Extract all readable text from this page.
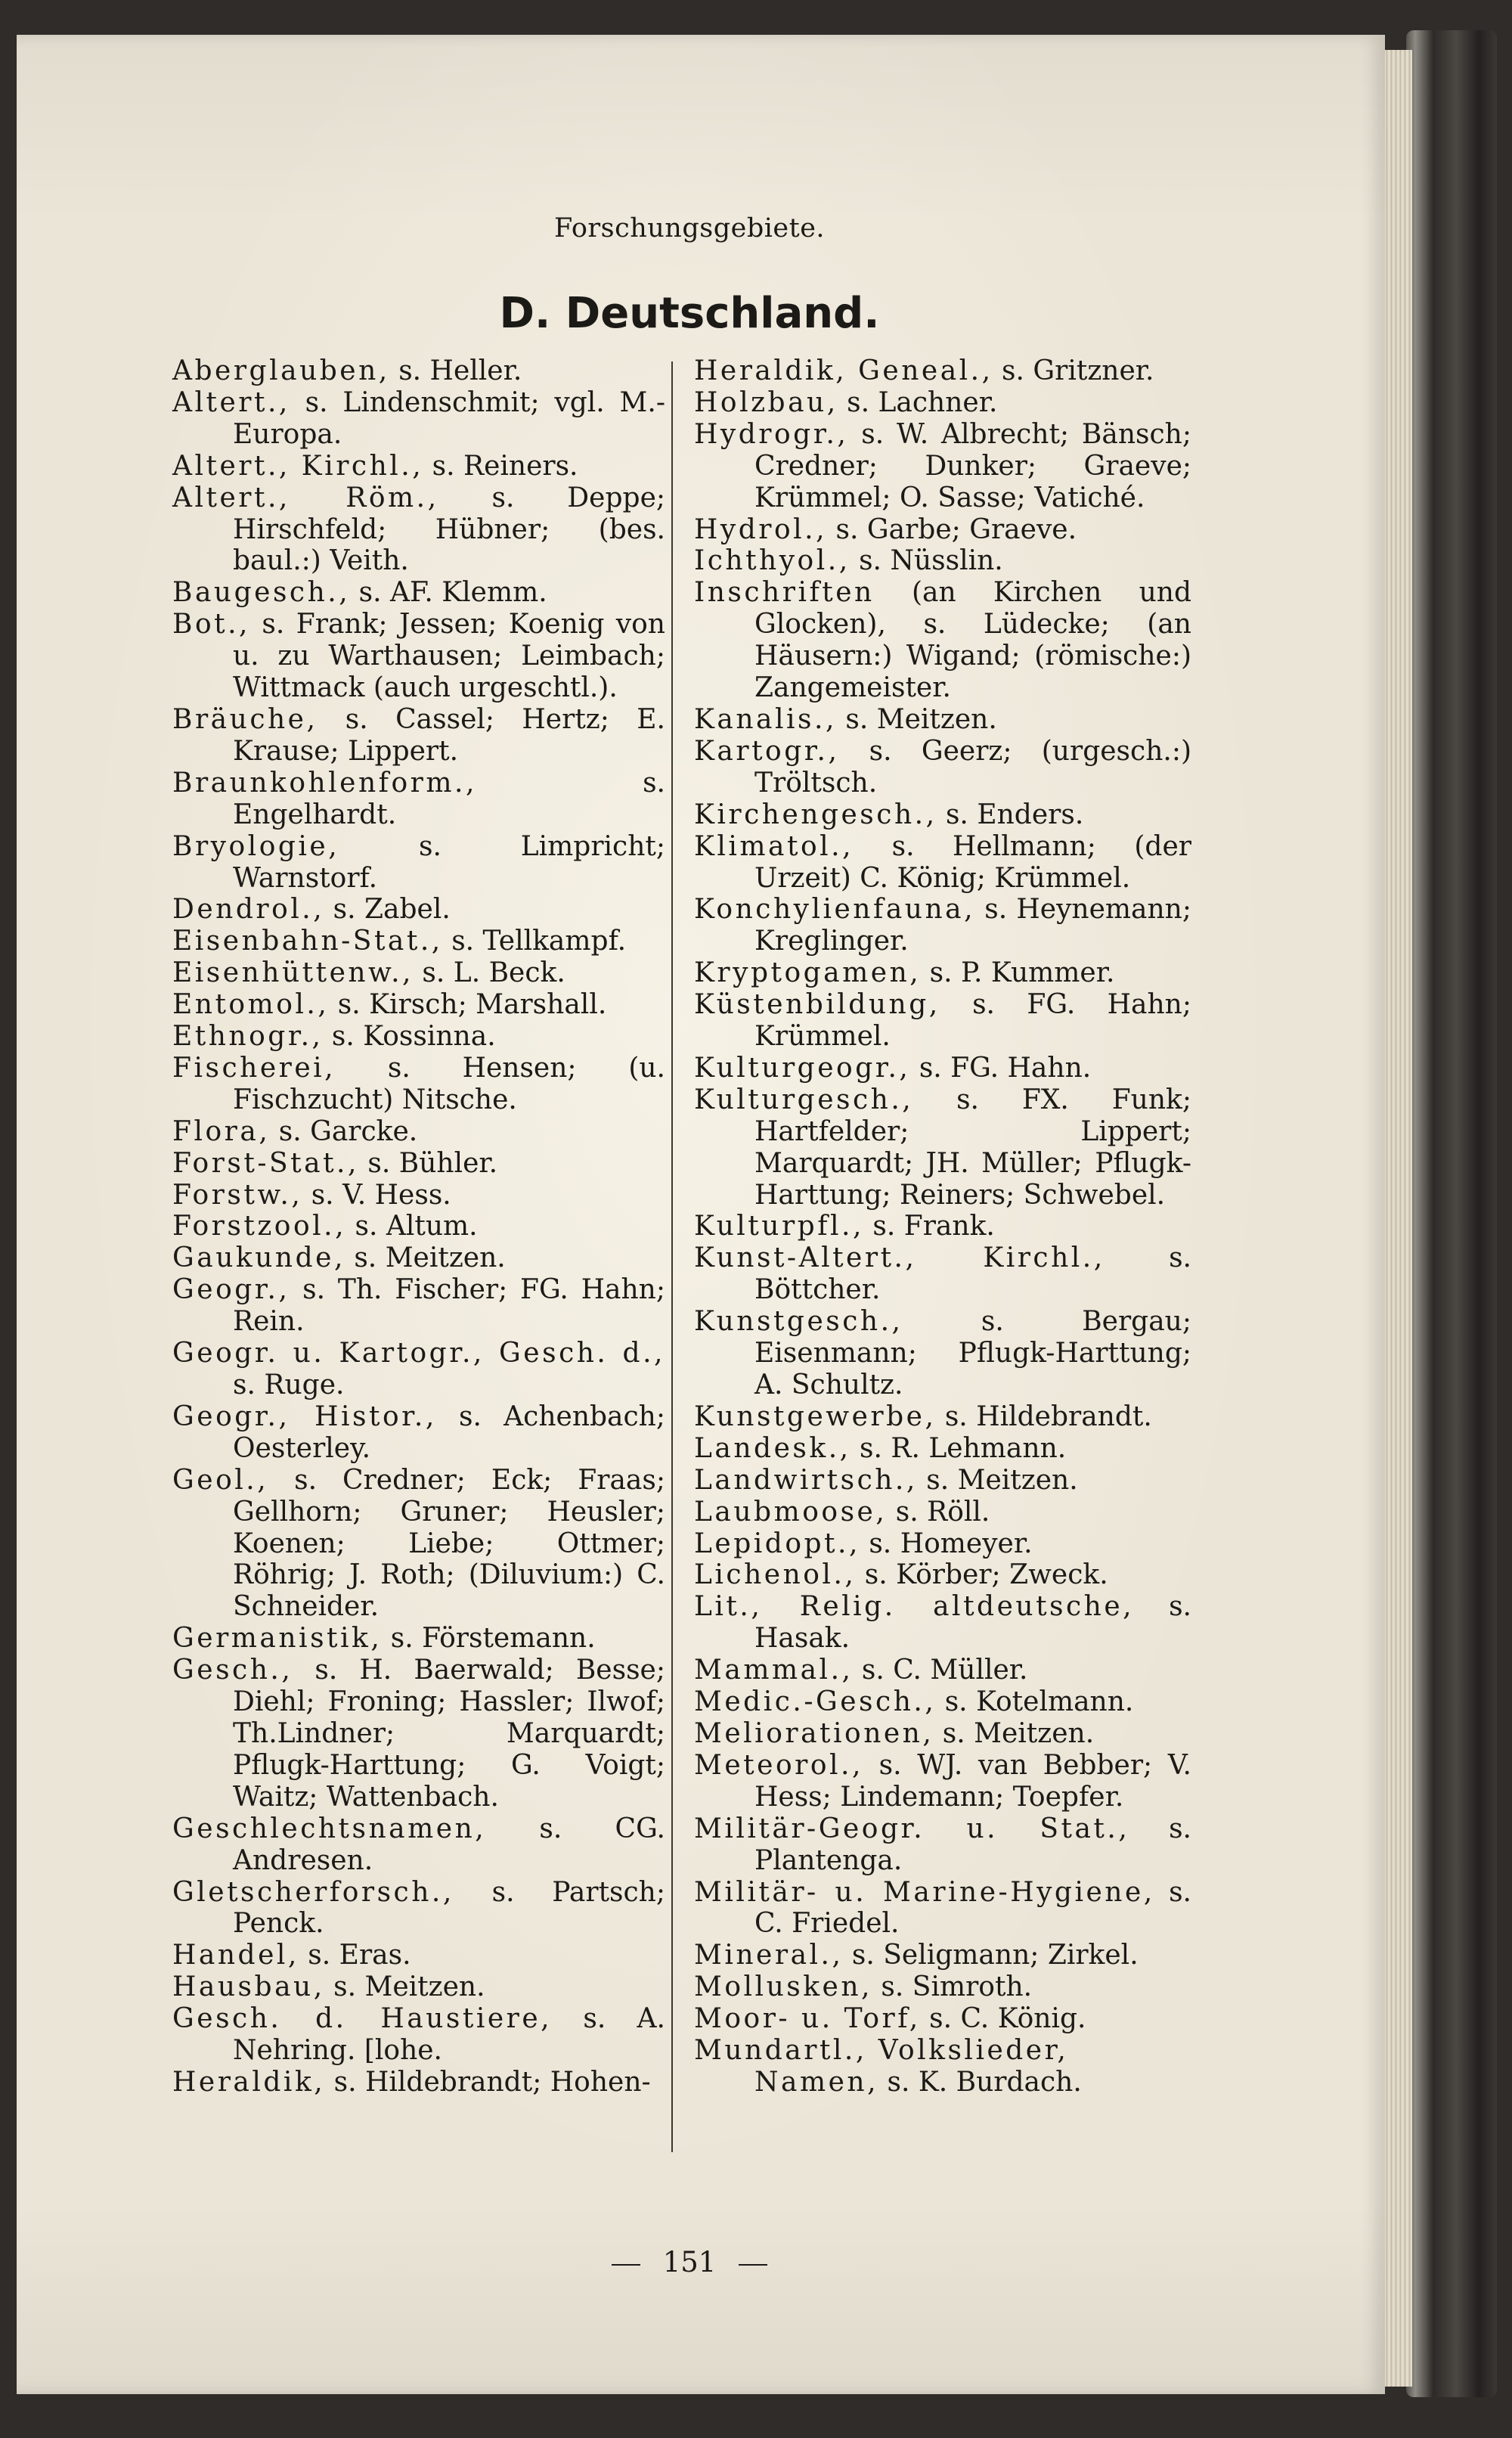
Forschungsgebiete.
D. Deutschland.
Aberglauben, s. Heller.
Altert., s. Lindenschmit; vgl. M.-Europa.
Altert., Kirchl., s. Reiners.
Altert., Röm., s. Deppe; Hirschfeld; Hübner; (bes. baul.:) Veith.
Baugesch., s. AF. Klemm.
Bot., s. Frank; Jessen; Koenig von u. zu Warthausen; Leimbach; Wittmack (auch urgeschtl.).
Bräuche, s. Cassel; Hertz; E. Krause; Lippert.
Braunkohlenform., s. Engelhardt.
Bryologie, s. Limpricht; Warnstorf.
Dendrol., s. Zabel.
Eisenbahn-Stat., s. Tellkampf.
Eisenhüttenw., s. L. Beck.
Entomol., s. Kirsch; Marshall.
Ethnogr., s. Kossinna.
Fischerei, s. Hensen; (u. Fischzucht) Nitsche.
Flora, s. Garcke.
Forst-Stat., s. Bühler.
Forstw., s. V. Hess.
Forstzool., s. Altum.
Gaukunde, s. Meitzen.
Geogr., s. Th. Fischer; FG. Hahn; Rein.
Geogr. u. Kartogr., Gesch. d., s. Ruge.
Geogr., Histor., s. Achenbach; Oesterley.
Geol., s. Credner; Eck; Fraas; Gellhorn; Gruner; Heusler; Koenen; Liebe; Ottmer; Röhrig; J. Roth; (Diluvium:) C. Schneider.
Germanistik, s. Förstemann.
Gesch., s. H. Baerwald; Besse; Diehl; Froning; Hassler; Ilwof; Th.Lindner; Marquardt; Pflugk-Harttung; G. Voigt; Waitz; Wattenbach.
Geschlechtsnamen, s. CG. Andresen.
Gletscherforsch., s. Partsch; Penck.
Handel, s. Eras.
Hausbau, s. Meitzen.
Gesch. d. Haustiere, s. A. Nehring. [lohe.
Heraldik, s. Hildebrandt; Hohen-
Heraldik, Geneal., s. Gritzner.
Holzbau, s. Lachner.
Hydrogr., s. W. Albrecht; Bänsch; Credner; Dunker; Graeve; Krümmel; O. Sasse; Vatiché.
Hydrol., s. Garbe; Graeve.
Ichthyol., s. Nüsslin.
Inschriften (an Kirchen und Glocken), s. Lüdecke; (an Häusern:) Wigand; (römische:) Zangemeister.
Kanalis., s. Meitzen.
Kartogr., s. Geerz; (urgesch.:) Tröltsch.
Kirchengesch., s. Enders.
Klimatol., s. Hellmann; (der Urzeit) C. König; Krümmel.
Konchylienfauna, s. Heynemann; Kreglinger.
Kryptogamen, s. P. Kummer.
Küstenbildung, s. FG. Hahn; Krümmel.
Kulturgeogr., s. FG. Hahn.
Kulturgesch., s. FX. Funk; Hartfelder; Lippert; Marquardt; JH. Müller; Pflugk-Harttung; Reiners; Schwebel.
Kulturpfl., s. Frank.
Kunst-Altert., Kirchl., s. Böttcher.
Kunstgesch., s. Bergau; Eisenmann; Pflugk-Harttung; A. Schultz.
Kunstgewerbe, s. Hildebrandt.
Landesk., s. R. Lehmann.
Landwirtsch., s. Meitzen.
Laubmoose, s. Röll.
Lepidopt., s. Homeyer.
Lichenol., s. Körber; Zweck.
Lit., Relig. altdeutsche, s. Hasak.
Mammal., s. C. Müller.
Medic.-Gesch., s. Kotelmann.
Meliorationen, s. Meitzen.
Meteorol., s. WJ. van Bebber; V. Hess; Lindemann; Toepfer.
Militär-Geogr. u. Stat., s. Plantenga.
Militär- u. Marine-Hygiene, s. C. Friedel.
Mineral., s. Seligmann; Zirkel.
Mollusken, s. Simroth.
Moor- u. Torf, s. C. König.
Mundartl., Volkslieder, Namen, s. K. Burdach.
151
